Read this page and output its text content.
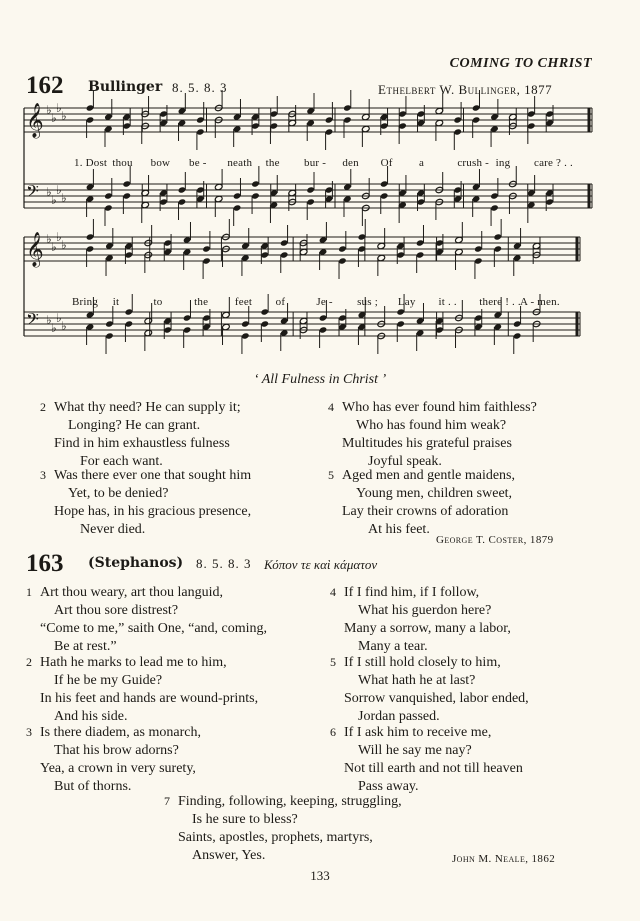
COMING TO CHRIST
162 Bullinger 8. 5. 8. 3	Ethelbert W. Bullinger, 1877
𝄞 ♭
♭
♭
♭
𝄢 ♭
♭
♭
♭
𝄞 ♭
♭
♭
♭
𝄢 ♭
♭
♭
♭
1. Dost thou bow be - neath the bur - den Of a	crush - ing care ? . .
Bring it	to	the feet of	Je - sus ; Lay it . . there ! . . A - men.
‘ All Fulness in Christ ’
2 What thy need? He can supply it;
Longing? He can grant.
Find in him exhaustless fulness
For each want.
3 Was there ever one that sought him
Yet, to be denied?
Hope has, in his gracious presence,
Never died.
4 Who has ever found him faithless?
Who has found him weak?
Multitudes his grateful praises
Joyful speak.
5 Aged men and gentle maidens,
Young men, children sweet,
Lay their crowns of adoration
At his feet.
George T. Coster, 1879
163 (Stephanos) 8. 5. 8. 3 Κόπον τε καὶ κάματον
1 Art thou weary, art thou languid,
Art thou sore distrest?
“Come to me,” saith One, “and, coming,
Be at rest.”
2 Hath he marks to lead me to him,
If he be my Guide?
In his feet and hands are wound-prints,
And his side.
3 Is there diadem, as monarch,
That his brow adorns?
Yea, a crown in very surety,
But of thorns.
4 If I find him, if I follow,
What his guerdon here?
Many a sorrow, many a labor,
Many a tear.
5 If I still hold closely to him,
What hath he at last?
Sorrow vanquished, labor ended,
Jordan passed.
6 If I ask him to receive me,
Will he say me nay?
Not till earth and not till heaven
Pass away.
7 Finding, following, keeping, struggling,
Is he sure to bless?
Saints, apostles, prophets, martyrs,
Answer, Yes.	John M. Neale, 1862
133
